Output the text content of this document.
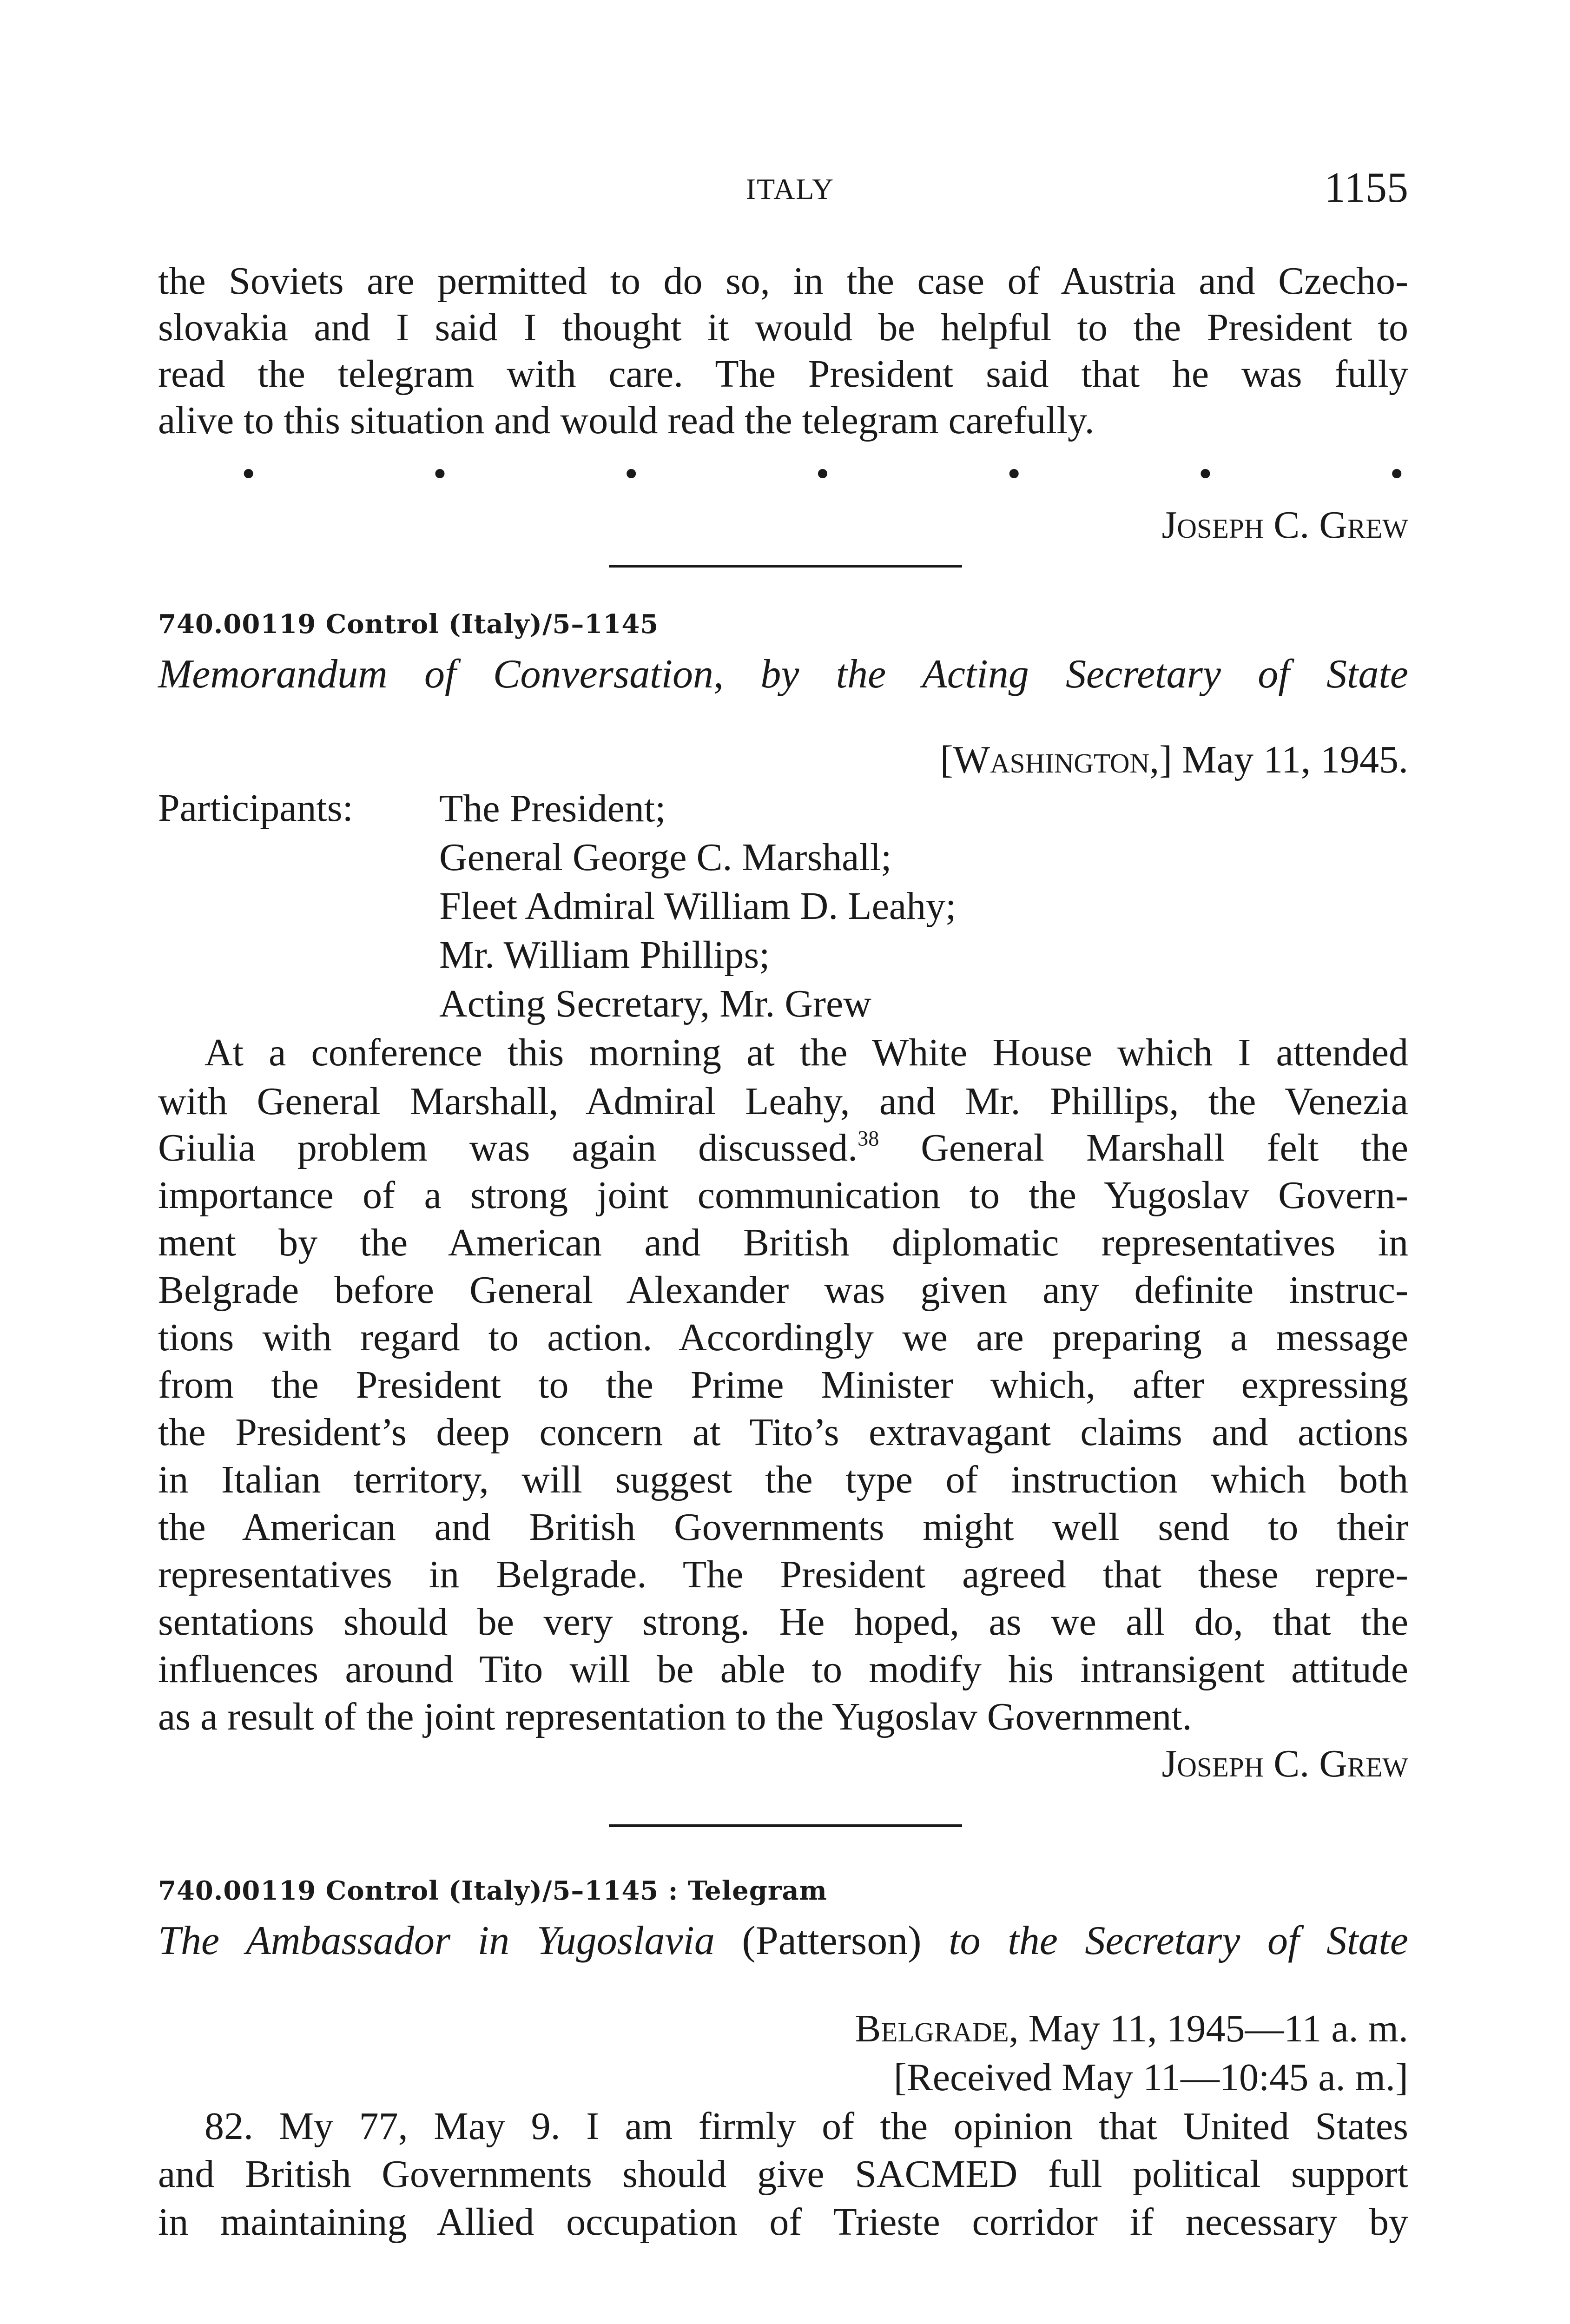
ITALY	1155

the Soviets are permitted to do so, in the case of Austria and Czecho-

slovakia and I said I thought it would be helpful to the President to

read the telegram with care. The President said that he was fully

alive to this situation and would read the telegram carefully.

•	•	•	•	•	•	•

Joseph C. Grew

740.00119 Control (Italy)/5–1145
Memorandum of Conversation, by the Acting Secretary of State

[Washington,] May 11, 1945.

Participants: The President;
General George C. Marshall;
Fleet Admiral William D. Leahy;
Mr. William Phillips;
Acting Secretary, Mr. Grew

At a conference this morning at the White House which I attended

with General Marshall, Admiral Leahy, and Mr. Phillips, the Venezia

Giulia problem was again discussed.$^{38}$ General Marshall felt the

importance of a strong joint communication to the Yugoslav Govern-

ment by the American and British diplomatic representatives in

Belgrade before General Alexander was given any definite instruc-

tions with regard to action. Accordingly we are preparing a message

from the President to the Prime Minister which, after expressing

the President’s deep concern at Tito’s extravagant claims and actions

in Italian territory, will suggest the type of instruction which both

the American and British Governments might well send to their

representatives in Belgrade. The President agreed that these repre-

sentations should be very strong. He hoped, as we all do, that the

influences around Tito will be able to modify his intransigent attitude

as a result of the joint representation to the Yugoslav Government.

Joseph C. Grew

740.00119 Control (Italy)/5–1145 : Telegram
The Ambassador in Yugoslavia (Patterson) to the Secretary of State

Belgrade, May 11, 1945—11 a. m.

[Received May 11—10:45 a. m.]

82. My 77, May 9. I am firmly of the opinion that United States

and British Governments should give SACMED full political support

in maintaining Allied occupation of Trieste corridor if necessary by
